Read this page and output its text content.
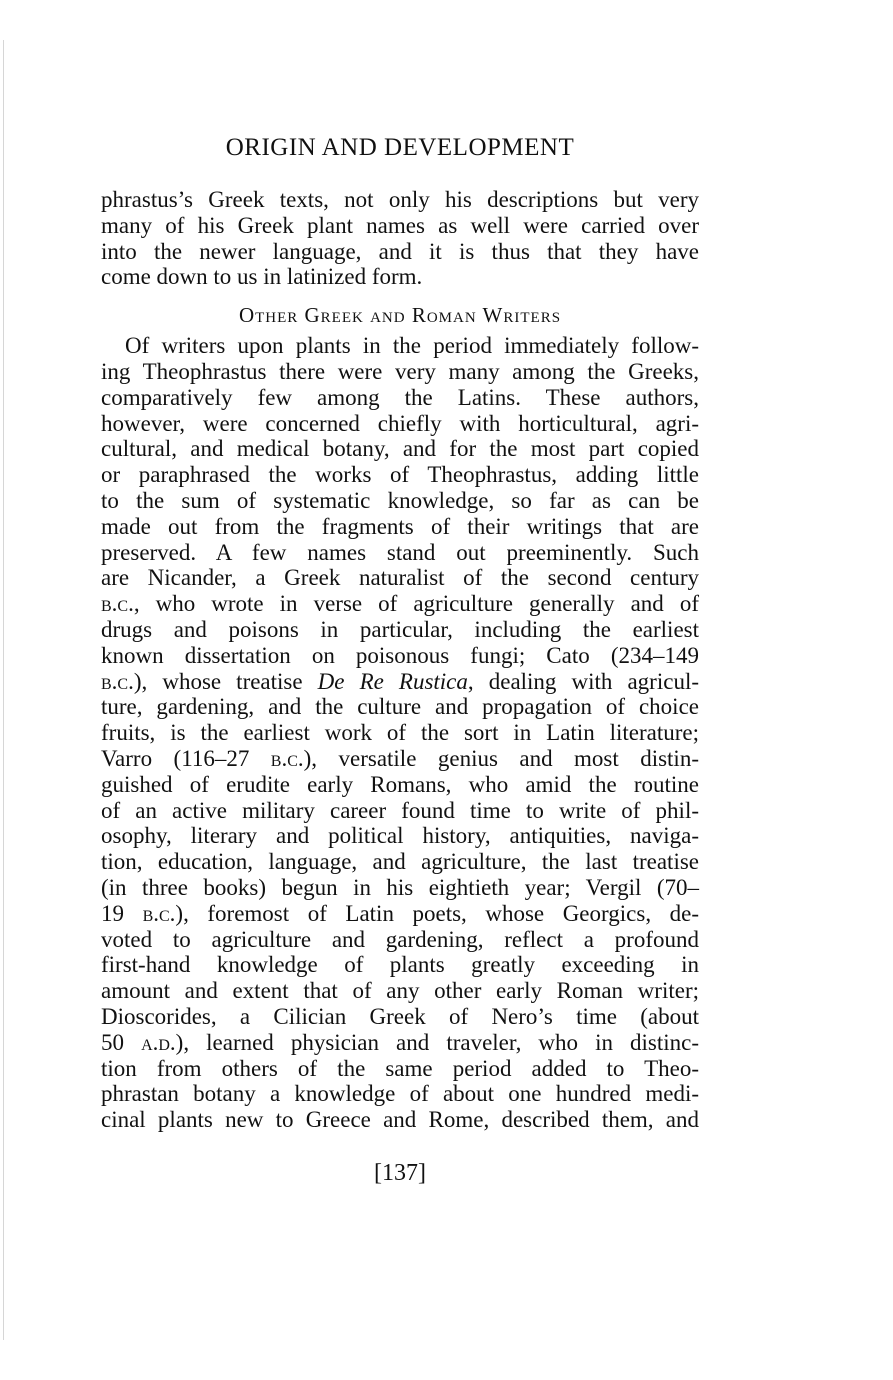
ORIGIN AND DEVELOPMENT
phrastus’s Greek texts, not only his descriptions but very
many of his Greek plant names as well were carried over
into the newer language, and it is thus that they have
come down to us in latinized form.
Other Greek and Roman Writers
Of writers upon plants in the period immediately follow-
ing Theophrastus there were very many among the Greeks,
comparatively few among the Latins. These authors,
however, were concerned chiefly with horticultural, agri-
cultural, and medical botany, and for the most part copied
or paraphrased the works of Theophrastus, adding little
to the sum of systematic knowledge, so far as can be
made out from the fragments of their writings that are
preserved. A few names stand out preeminently. Such
are Nicander, a Greek naturalist of the second century
b.c., who wrote in verse of agriculture generally and of
drugs and poisons in particular, including the earliest
known dissertation on poisonous fungi; Cato (234–149
b.c.), whose treatise De Re Rustica, dealing with agricul-
ture, gardening, and the culture and propagation of choice
fruits, is the earliest work of the sort in Latin literature;
Varro (116–27 b.c.), versatile genius and most distin-
guished of erudite early Romans, who amid the routine
of an active military career found time to write of phil-
osophy, literary and political history, antiquities, naviga-
tion, education, language, and agriculture, the last treatise
(in three books) begun in his eightieth year; Vergil (70–
19 b.c.), foremost of Latin poets, whose Georgics, de-
voted to agriculture and gardening, reflect a profound
first-hand knowledge of plants greatly exceeding in
amount and extent that of any other early Roman writer;
Dioscorides, a Cilician Greek of Nero’s time (about
50 a.d.), learned physician and traveler, who in distinc-
tion from others of the same period added to Theo-
phrastan botany a knowledge of about one hundred medi-
cinal plants new to Greece and Rome, described them, and
[137]
